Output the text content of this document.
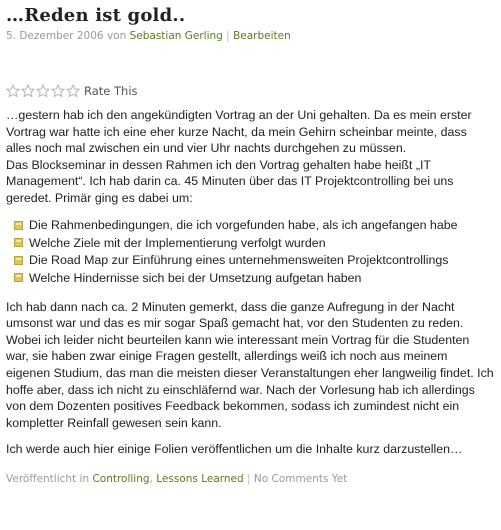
…Reden ist gold..
5. Dezember 2006 von Sebastian Gerling | Bearbeiten
Rate This

…gestern hab ich den angekündigten Vortrag an der Uni gehalten. Da es mein erster Vortrag war hatte ich eine eher kurze Nacht, da mein Gehirn scheinbar meinte, dass alles noch mal zwischen ein und vier Uhr nachts durchgehen zu müssen.
Das Blockseminar in dessen Rahmen ich den Vortrag gehalten habe heißt „IT Management“. Ich hab darin ca. 45 Minuten über das IT Projektcontrolling bei uns geredet. Primär ging es dabei um:

Die Rahmenbedingungen, die ich vorgefunden habe, als ich angefangen habe
Welche Ziele mit der Implementierung verfolgt wurden
Die Road Map zur Einführung eines unternehmensweiten Projektcontrollings
Welche Hindernisse sich bei der Umsetzung aufgetan haben

Ich hab dann nach ca. 2 Minuten gemerkt, dass die ganze Aufregung in der Nacht umsonst war und das es mir sogar Spaß gemacht hat, vor den Studenten zu reden. Wobei ich leider nicht beurteilen kann wie interessant mein Vortrag für die Studenten war, sie haben zwar einige Fragen gestellt, allerdings weiß ich noch aus meinem eigenen Studium, das man die meisten dieser Veranstaltungen eher langweilig findet. Ich hoffe aber, dass ich nicht zu einschläfernd war. Nach der Vorlesung hab ich allerdings von dem Dozenten positives Feedback bekommen, sodass ich zumindest nicht ein kompletter Reinfall gewesen sein kann.

Ich werde auch hier einige Folien veröffentlichen um die Inhalte kurz darzustellen…

Veröffentlicht in Controlling, Lessons Learned | No Comments Yet
